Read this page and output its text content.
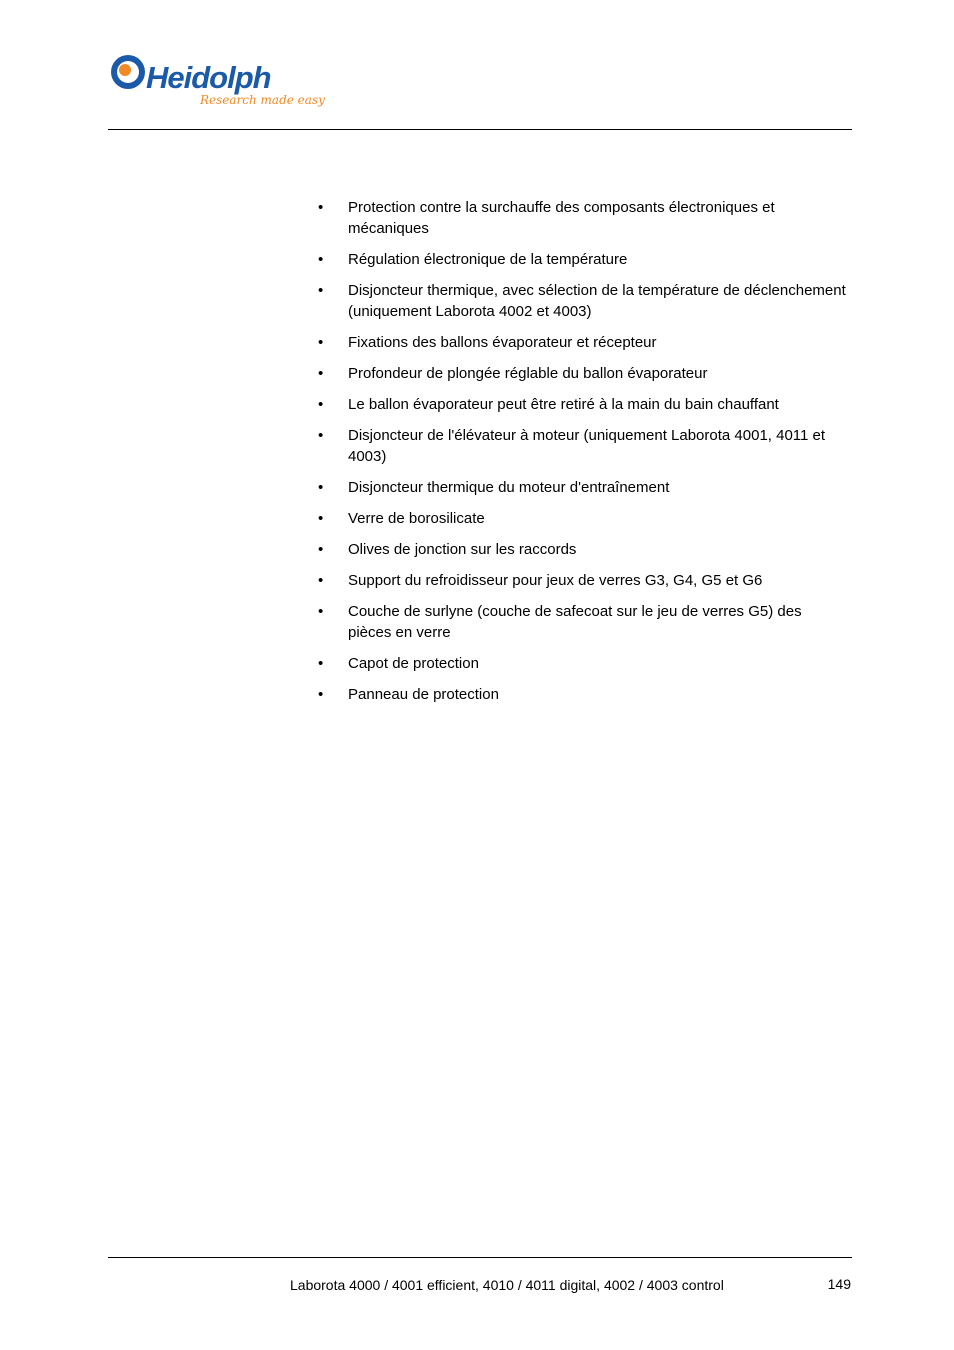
Heidolph
Research made easy
•	Protection contre la surchauffe des composants électroniques et mécaniques
•	Régulation électronique de la température
•	Disjoncteur thermique, avec sélection de la température de déclenchement (uniquement Laborota 4002 et 4003)
•	Fixations des ballons évaporateur et récepteur
•	Profondeur de plongée réglable du ballon évaporateur
•	Le ballon évaporateur peut être retiré à la main du bain chauffant
•	Disjoncteur de l'élévateur à moteur (uniquement Laborota 4001, 4011 et 4003)
•	Disjoncteur thermique du moteur d'entraînement
•	Verre de borosilicate
•	Olives de jonction sur les raccords
•	Support du refroidisseur pour jeux de verres G3, G4, G5 et G6
•	Couche de surlyne (couche de safecoat sur le jeu de verres G5) des pièces en verre
•	Capot de protection
•	Panneau de protection
Laborota 4000 / 4001 efficient, 4010 / 4011 digital, 4002 / 4003 control	149
